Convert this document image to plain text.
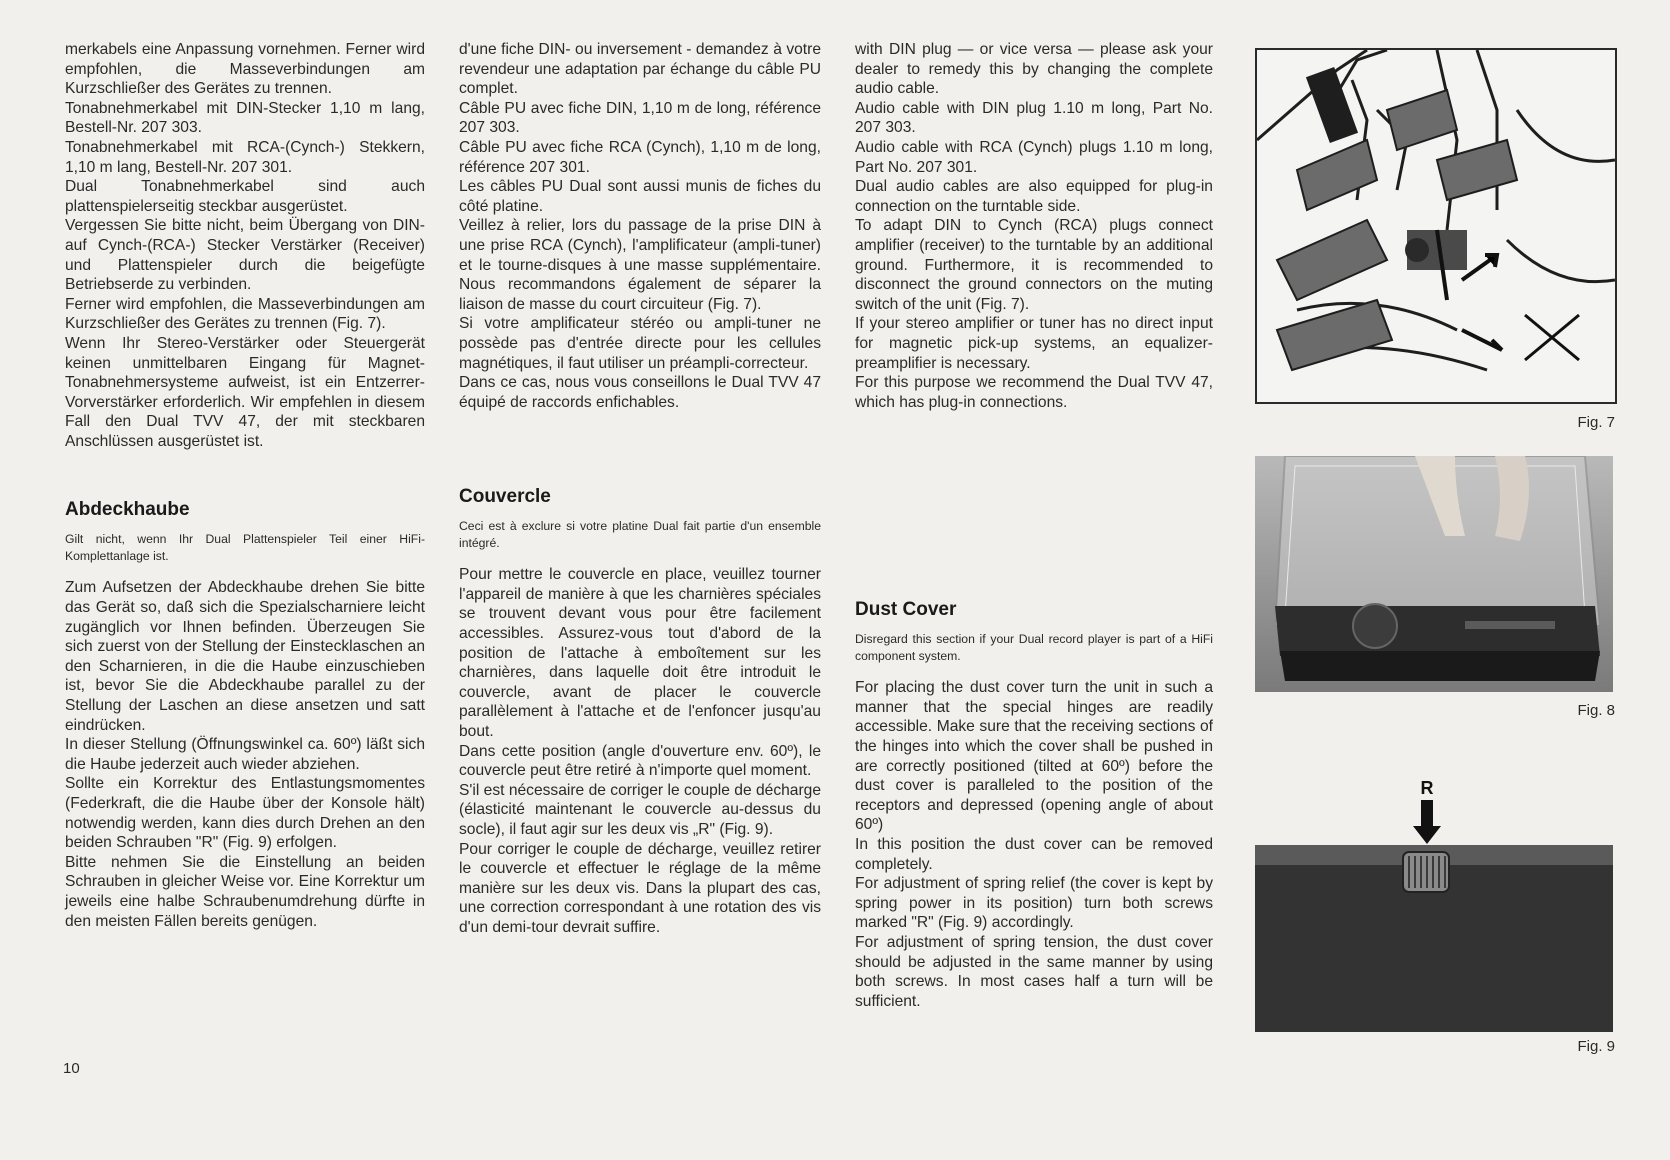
merkabels eine Anpassung vornehmen. Ferner wird empfohlen, die Masseverbindungen am Kurzschließer des Gerätes zu trennen.

Tonabnehmerkabel mit DIN-Stecker 1,10 m lang, Bestell-Nr. 207 303.

Tonabnehmerkabel mit RCA-(Cynch-) Stekkern, 1,10 m lang, Bestell-Nr. 207 301.

Dual Tonabnehmerkabel sind auch plattenspielerseitig steckbar ausgerüstet.

Vergessen Sie bitte nicht, beim Übergang von DIN- auf Cynch-(RCA-) Stecker Verstärker (Receiver) und Plattenspieler durch die beigefügte Betriebserde zu verbinden.

Ferner wird empfohlen, die Masseverbindungen am Kurzschließer des Gerätes zu trennen (Fig. 7).

Wenn Ihr Stereo-Verstärker oder Steuergerät keinen unmittelbaren Eingang für Magnet-Tonabnehmersysteme aufweist, ist ein Entzerrer-Vorverstärker erforderlich. Wir empfehlen in diesem Fall den Dual TVV 47, der mit steckbaren Anschlüssen ausgerüstet ist.

Abdeckhaube

Gilt nicht, wenn Ihr Dual Plattenspieler Teil einer HiFi-Komplettanlage ist.

Zum Aufsetzen der Abdeckhaube drehen Sie bitte das Gerät so, daß sich die Spezialscharniere leicht zugänglich vor Ihnen befinden. Überzeugen Sie sich zuerst von der Stellung der Einstecklaschen an den Scharnieren, in die die Haube einzuschieben ist, bevor Sie die Abdeckhaube parallel zu der Stellung der Laschen an diese ansetzen und satt eindrücken.

In dieser Stellung (Öffnungswinkel ca. 60º) läßt sich die Haube jederzeit auch wieder abziehen.

Sollte ein Korrektur des Entlastungsmomentes (Federkraft, die die Haube über der Konsole hält) notwendig werden, kann dies durch Drehen an den beiden Schrauben "R" (Fig. 9) erfolgen.

Bitte nehmen Sie die Einstellung an beiden Schrauben in gleicher Weise vor. Eine Korrektur um jeweils eine halbe Schraubenumdrehung dürfte in den meisten Fällen bereits genügen.

d'une fiche DIN- ou inversement - demandez à votre revendeur une adaptation par échange du câble PU complet.

Câble PU avec fiche DIN, 1,10 m de long, référence 207 303.

Câble PU avec fiche RCA (Cynch), 1,10 m de long, référence 207 301.

Les câbles PU Dual sont aussi munis de fiches du côté platine.

Veillez à relier, lors du passage de la prise DIN à une prise RCA (Cynch), l'amplificateur (ampli-tuner) et le tourne-disques à une masse supplémentaire. Nous recommandons également de séparer la liaison de masse du court circuiteur (Fig. 7).

Si votre amplificateur stéréo ou ampli-tuner ne possède pas d'entrée directe pour les cellules magnétiques, il faut utiliser un préampli-correcteur.

Dans ce cas, nous vous conseillons le Dual TVV 47 équipé de raccords enfichables.

Couvercle

Ceci est à exclure si votre platine Dual fait partie d'un ensemble intégré.

Pour mettre le couvercle en place, veuillez tourner l'appareil de manière à que les charnières spéciales se trouvent devant vous pour être facilement accessibles. Assurez-vous tout d'abord de la position de l'attache à emboîtement sur les charnières, dans laquelle doit être introduit le couvercle, avant de placer le couvercle parallèlement à l'attache et de l'enfoncer jusqu'au bout.

Dans cette position (angle d'ouverture env. 60º), le couvercle peut être retiré à n'importe quel moment.

S'il est nécessaire de corriger le couple de décharge (élasticité maintenant le couvercle au-dessus du socle), il faut agir sur les deux vis „R" (Fig. 9).

Pour corriger le couple de décharge, veuillez retirer le couvercle et effectuer le réglage de la même manière sur les deux vis. Dans la plupart des cas, une correction correspondant à une rotation des vis d'un demi-tour devrait suffire.

with DIN plug — or vice versa — please ask your dealer to remedy this by changing the complete audio cable.

Audio cable with DIN plug 1.10 m long, Part No. 207 303.

Audio cable with RCA (Cynch) plugs 1.10 m long, Part No. 207 301.

Dual audio cables are also equipped for plug-in connection on the turntable side.

To adapt DIN to Cynch (RCA) plugs connect amplifier (receiver) to the turntable by an additional ground. Furthermore, it is recommended to disconnect the ground connectors on the muting switch of the unit (Fig. 7).

If your stereo amplifier or tuner has no direct input for magnetic pick-up systems, an equalizer-preamplifier is necessary.

For this purpose we recommend the Dual TVV 47, which has plug-in connections.

Dust Cover

Disregard this section if your Dual record player is part of a HiFi component system.

For placing the dust cover turn the unit in such a manner that the special hinges are readily accessible. Make sure that the receiving sections of the hinges into which the cover shall be pushed in are correctly positioned (tilted at 60º) before the dust cover is paralleled to the position of the receptors and depressed (opening angle of about 60º)

In this position the dust cover can be removed completely.

For adjustment of spring relief (the cover is kept by spring power in its position) turn both screws marked "R" (Fig. 9) accordingly.

For adjustment of spring tension, the dust cover should be adjusted in the same manner by using both screws. In most cases half a turn will be sufficient.

10
Fig. 7
Fig. 8
R
Fig. 9
